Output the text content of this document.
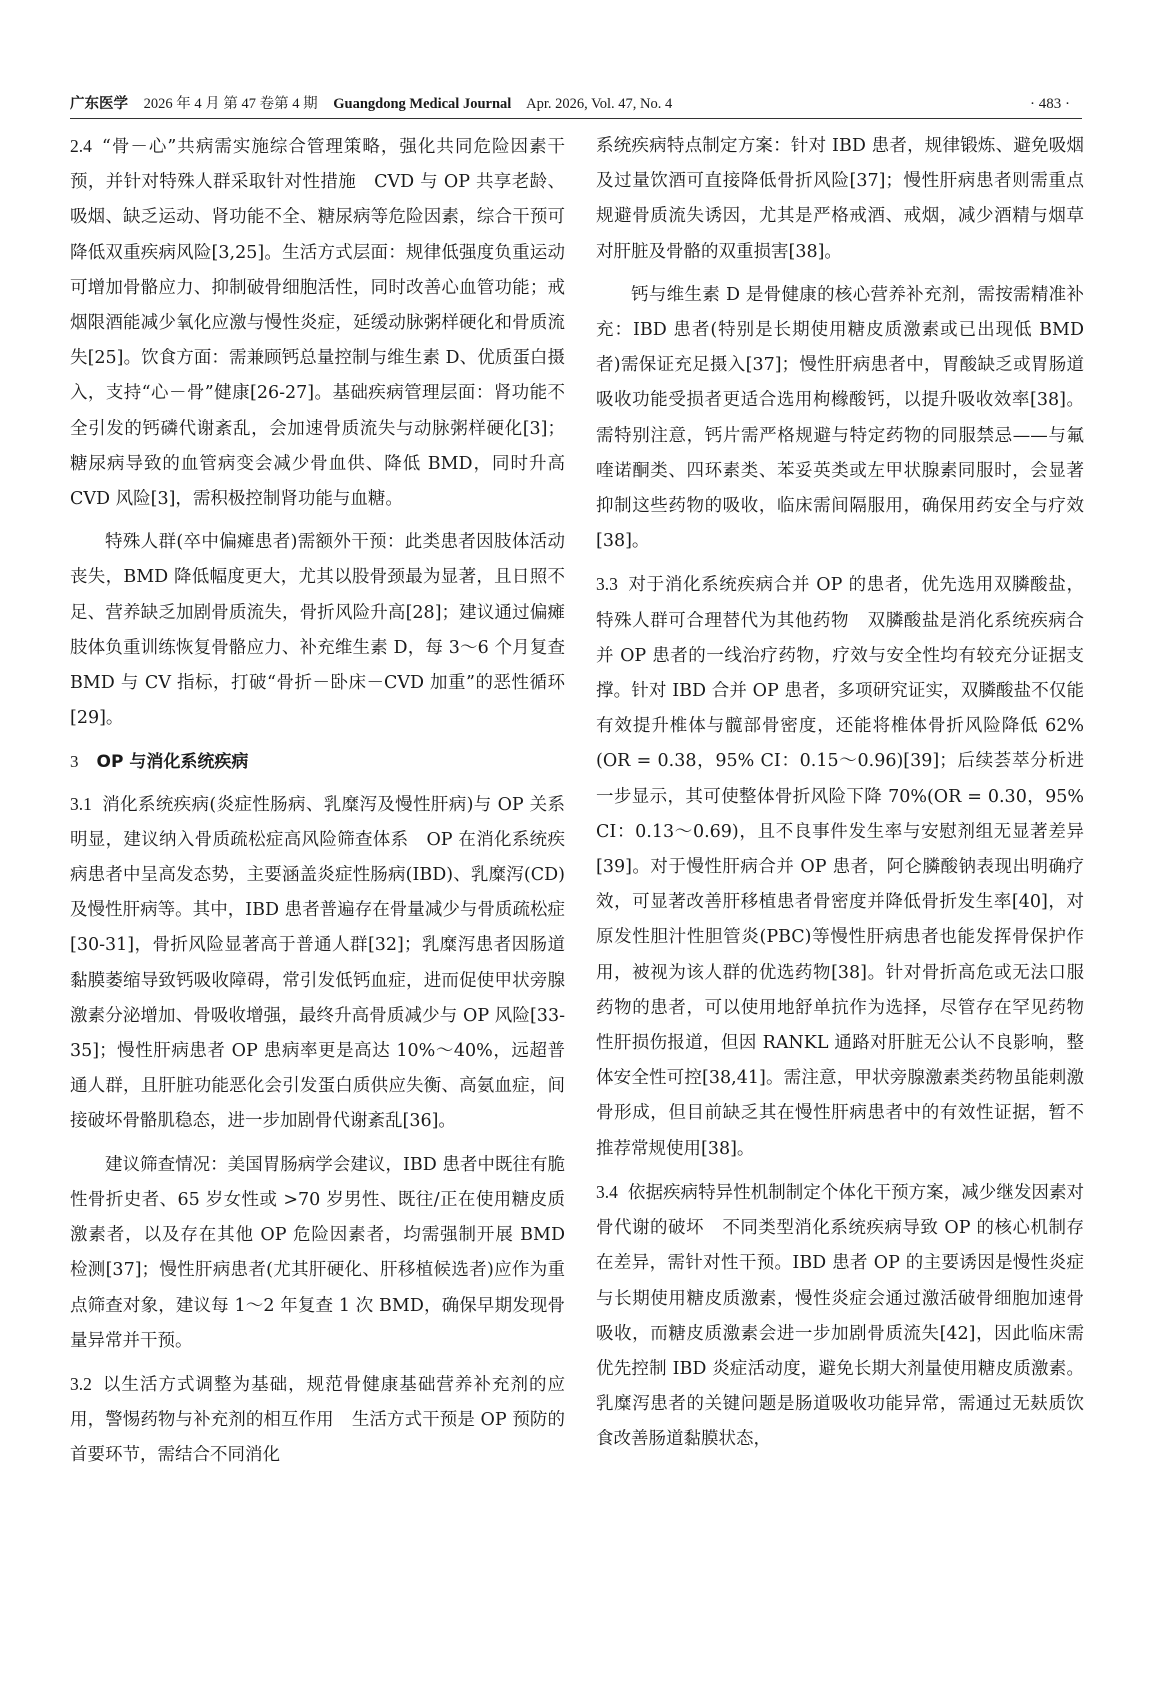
广东医学 2026 年 4 月 第 47 卷第 4 期 Guangdong Medical Journal Apr. 2026, Vol. 47, No. 4	· 483 ·

2.4 “骨－心”共病需实施综合管理策略，强化共同危险因素干预，并针对特殊人群采取针对性措施 CVD 与 OP 共享老龄、吸烟、缺乏运动、肾功能不全、糖尿病等危险因素，综合干预可降低双重疾病风险[3,25]。生活方式层面：规律低强度负重运动可增加骨骼应力、抑制破骨细胞活性，同时改善心血管功能；戒烟限酒能减少氧化应激与慢性炎症，延缓动脉粥样硬化和骨质流失[25]。饮食方面：需兼顾钙总量控制与维生素 D、优质蛋白摄入，支持“心－骨”健康[26-27]。基础疾病管理层面：肾功能不全引发的钙磷代谢紊乱，会加速骨质流失与动脉粥样硬化[3]；糖尿病导致的血管病变会减少骨血供、降低 BMD，同时升高 CVD 风险[3]，需积极控制肾功能与血糖。

特殊人群(卒中偏瘫患者)需额外干预：此类患者因肢体活动丧失，BMD 降低幅度更大，尤其以股骨颈最为显著，且日照不足、营养缺乏加剧骨质流失，骨折风险升高[28]；建议通过偏瘫肢体负重训练恢复骨骼应力、补充维生素 D，每 3～6 个月复查 BMD 与 CV 指标，打破“骨折－卧床－CVD 加重”的恶性循环[29]。

3 OP 与消化系统疾病

3.1 消化系统疾病(炎症性肠病、乳糜泻及慢性肝病)与 OP 关系明显，建议纳入骨质疏松症高风险筛查体系 OP 在消化系统疾病患者中呈高发态势，主要涵盖炎症性肠病(IBD)、乳糜泻(CD)及慢性肝病等。其中，IBD 患者普遍存在骨量减少与骨质疏松症[30-31]，骨折风险显著高于普通人群[32]；乳糜泻患者因肠道黏膜萎缩导致钙吸收障碍，常引发低钙血症，进而促使甲状旁腺激素分泌增加、骨吸收增强，最终升高骨质减少与 OP 风险[33-35]；慢性肝病患者 OP 患病率更是高达 10%～40%，远超普通人群，且肝脏功能恶化会引发蛋白质供应失衡、高氨血症，间接破坏骨骼肌稳态，进一步加剧骨代谢紊乱[36]。

建议筛查情况：美国胃肠病学会建议，IBD 患者中既往有脆性骨折史者、65 岁女性或 >70 岁男性、既往/正在使用糖皮质激素者，以及存在其他 OP 危险因素者，均需强制开展 BMD 检测[37]；慢性肝病患者(尤其肝硬化、肝移植候选者)应作为重点筛查对象，建议每 1～2 年复查 1 次 BMD，确保早期发现骨量异常并干预。

3.2 以生活方式调整为基础，规范骨健康基础营养补充剂的应用，警惕药物与补充剂的相互作用 生活方式干预是 OP 预防的首要环节，需结合不同消化

系统疾病特点制定方案：针对 IBD 患者，规律锻炼、避免吸烟及过量饮酒可直接降低骨折风险[37]；慢性肝病患者则需重点规避骨质流失诱因，尤其是严格戒酒、戒烟，减少酒精与烟草对肝脏及骨骼的双重损害[38]。

钙与维生素 D 是骨健康的核心营养补充剂，需按需精准补充：IBD 患者(特别是长期使用糖皮质激素或已出现低 BMD 者)需保证充足摄入[37]；慢性肝病患者中，胃酸缺乏或胃肠道吸收功能受损者更适合选用枸橼酸钙，以提升吸收效率[38]。需特别注意，钙片需严格规避与特定药物的同服禁忌——与氟喹诺酮类、四环素类、苯妥英类或左甲状腺素同服时，会显著抑制这些药物的吸收，临床需间隔服用，确保用药安全与疗效[38]。

3.3 对于消化系统疾病合并 OP 的患者，优先选用双膦酸盐，特殊人群可合理替代为其他药物 双膦酸盐是消化系统疾病合并 OP 患者的一线治疗药物，疗效与安全性均有较充分证据支撑。针对 IBD 合并 OP 患者，多项研究证实，双膦酸盐不仅能有效提升椎体与髋部骨密度，还能将椎体骨折风险降低 62%(OR = 0.38，95% CI：0.15～0.96)[39]；后续荟萃分析进一步显示，其可使整体骨折风险下降 70%(OR = 0.30，95% CI：0.13～0.69)，且不良事件发生率与安慰剂组无显著差异[39]。对于慢性肝病合并 OP 患者，阿仑膦酸钠表现出明确疗效，可显著改善肝移植患者骨密度并降低骨折发生率[40]，对原发性胆汁性胆管炎(PBC)等慢性肝病患者也能发挥骨保护作用，被视为该人群的优选药物[38]。针对骨折高危或无法口服药物的患者，可以使用地舒单抗作为选择，尽管存在罕见药物性肝损伤报道，但因 RANKL 通路对肝脏无公认不良影响，整体安全性可控[38,41]。需注意，甲状旁腺激素类药物虽能刺激骨形成，但目前缺乏其在慢性肝病患者中的有效性证据，暂不推荐常规使用[38]。

3.4 依据疾病特异性机制制定个体化干预方案，减少继发因素对骨代谢的破坏 不同类型消化系统疾病导致 OP 的核心机制存在差异，需针对性干预。IBD 患者 OP 的主要诱因是慢性炎症与长期使用糖皮质激素，慢性炎症会通过激活破骨细胞加速骨吸收，而糖皮质激素会进一步加剧骨质流失[42]，因此临床需优先控制 IBD 炎症活动度，避免长期大剂量使用糖皮质激素。乳糜泻患者的关键问题是肠道吸收功能异常，需通过无麸质饮食改善肠道黏膜状态，
